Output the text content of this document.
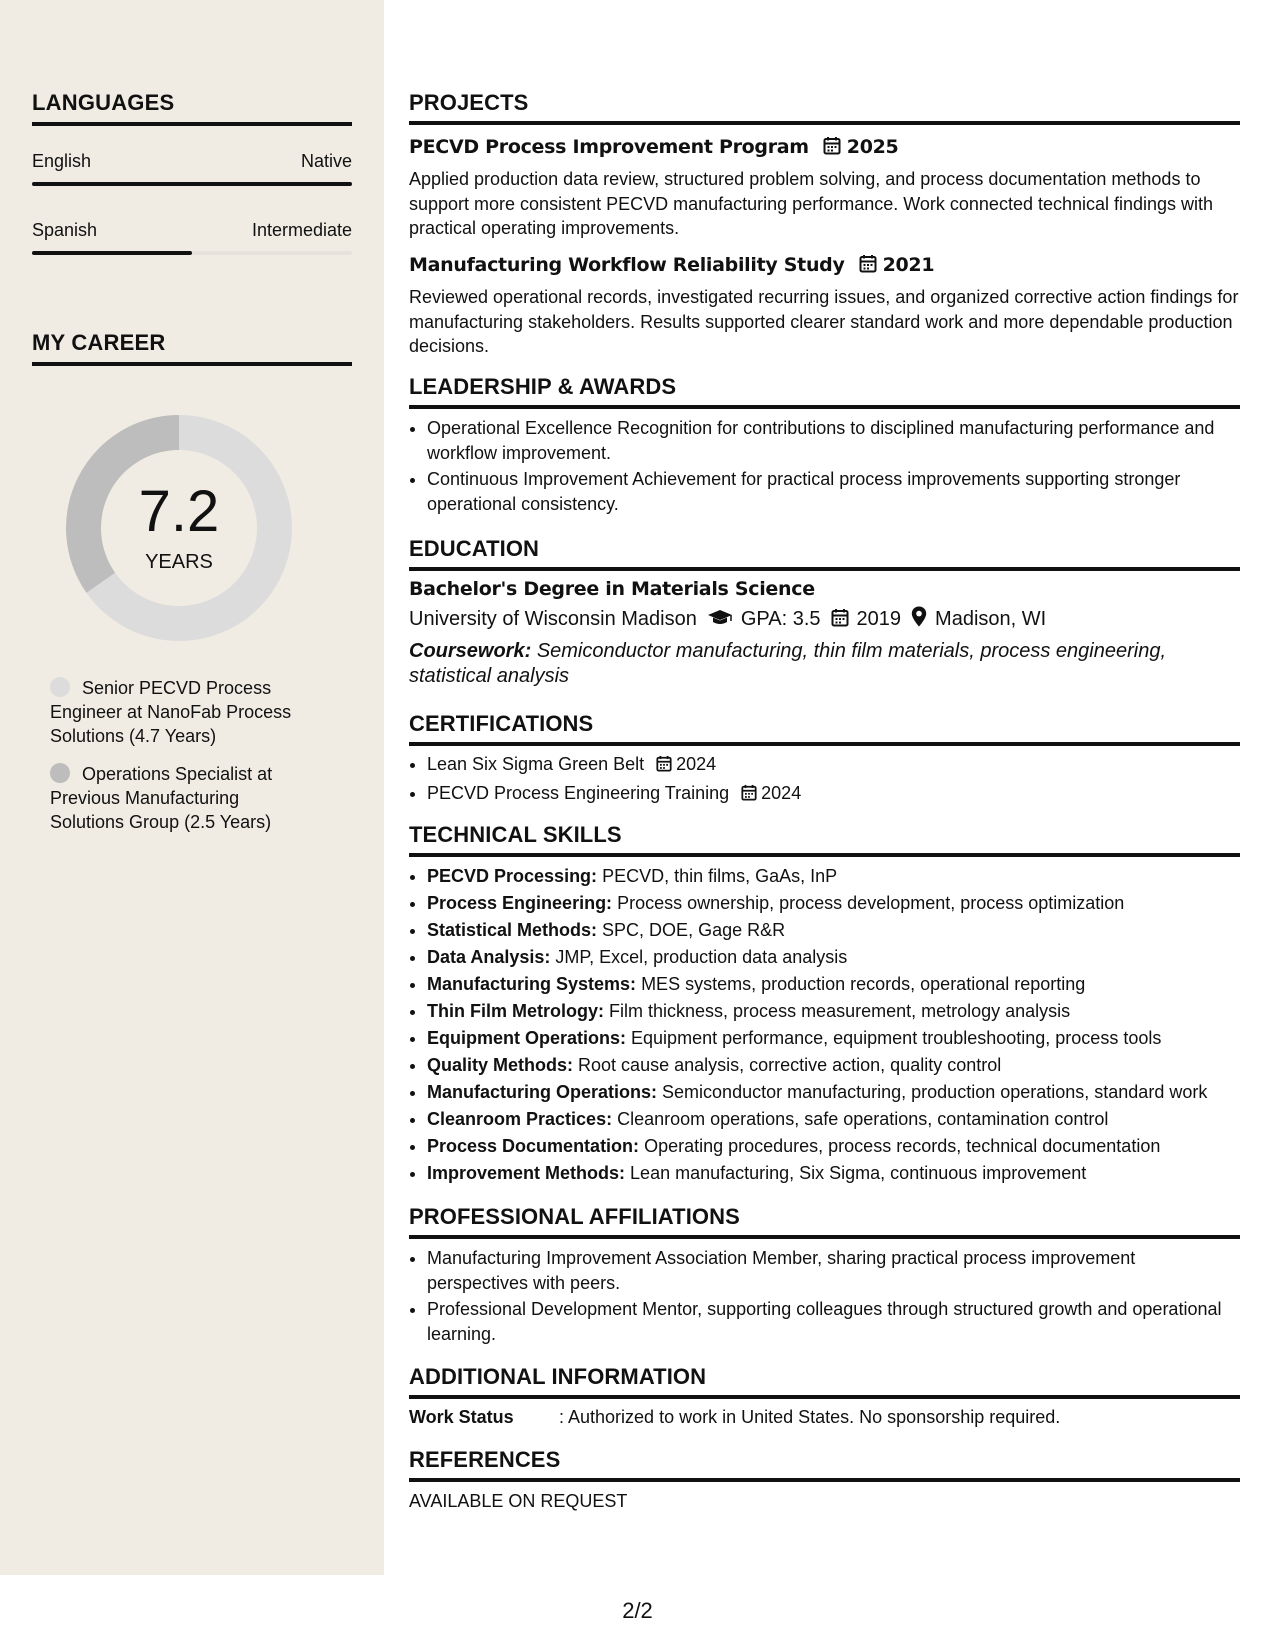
LANGUAGES
English	Native
Spanish	Intermediate
MY CAREER
7.2
YEARS
Senior PECVD Process Engineer at NanoFab Process Solutions (4.7 Years)
Operations Specialist at Previous Manufacturing Solutions Group (2.5 Years)
PROJECTS
PECVD Process Improvement Program 2025
Applied production data review, structured problem solving, and process documentation methods to support more consistent PECVD manufacturing performance. Work connected technical findings with practical operating improvements.
Manufacturing Workflow Reliability Study 2021
Reviewed operational records, investigated recurring issues, and organized corrective action findings for manufacturing stakeholders. Results supported clearer standard work and more dependable production decisions.
LEADERSHIP & AWARDS
• Operational Excellence Recognition for contributions to disciplined manufacturing performance and workflow improvement.
• Continuous Improvement Achievement for practical process improvements supporting stronger operational consistency.
EDUCATION
Bachelor's Degree in Materials Science
University of Wisconsin Madison GPA: 3.5 2019 Madison, WI
Coursework: Semiconductor manufacturing, thin film materials, process engineering, statistical analysis
CERTIFICATIONS
• Lean Six Sigma Green Belt 2024
• PECVD Process Engineering Training 2024
TECHNICAL SKILLS
• PECVD Processing: PECVD, thin films, GaAs, InP
• Process Engineering: Process ownership, process development, process optimization
• Statistical Methods: SPC, DOE, Gage R&R
• Data Analysis: JMP, Excel, production data analysis
• Manufacturing Systems: MES systems, production records, operational reporting
• Thin Film Metrology: Film thickness, process measurement, metrology analysis
• Equipment Operations: Equipment performance, equipment troubleshooting, process tools
• Quality Methods: Root cause analysis, corrective action, quality control
• Manufacturing Operations: Semiconductor manufacturing, production operations, standard work
• Cleanroom Practices: Cleanroom operations, safe operations, contamination control
• Process Documentation: Operating procedures, process records, technical documentation
• Improvement Methods: Lean manufacturing, Six Sigma, continuous improvement
PROFESSIONAL AFFILIATIONS
• Manufacturing Improvement Association Member, sharing practical process improvement perspectives with peers.
• Professional Development Mentor, supporting colleagues through structured growth and operational learning.
ADDITIONAL INFORMATION
Work Status	: Authorized to work in United States. No sponsorship required.
REFERENCES
AVAILABLE ON REQUEST
2/2
